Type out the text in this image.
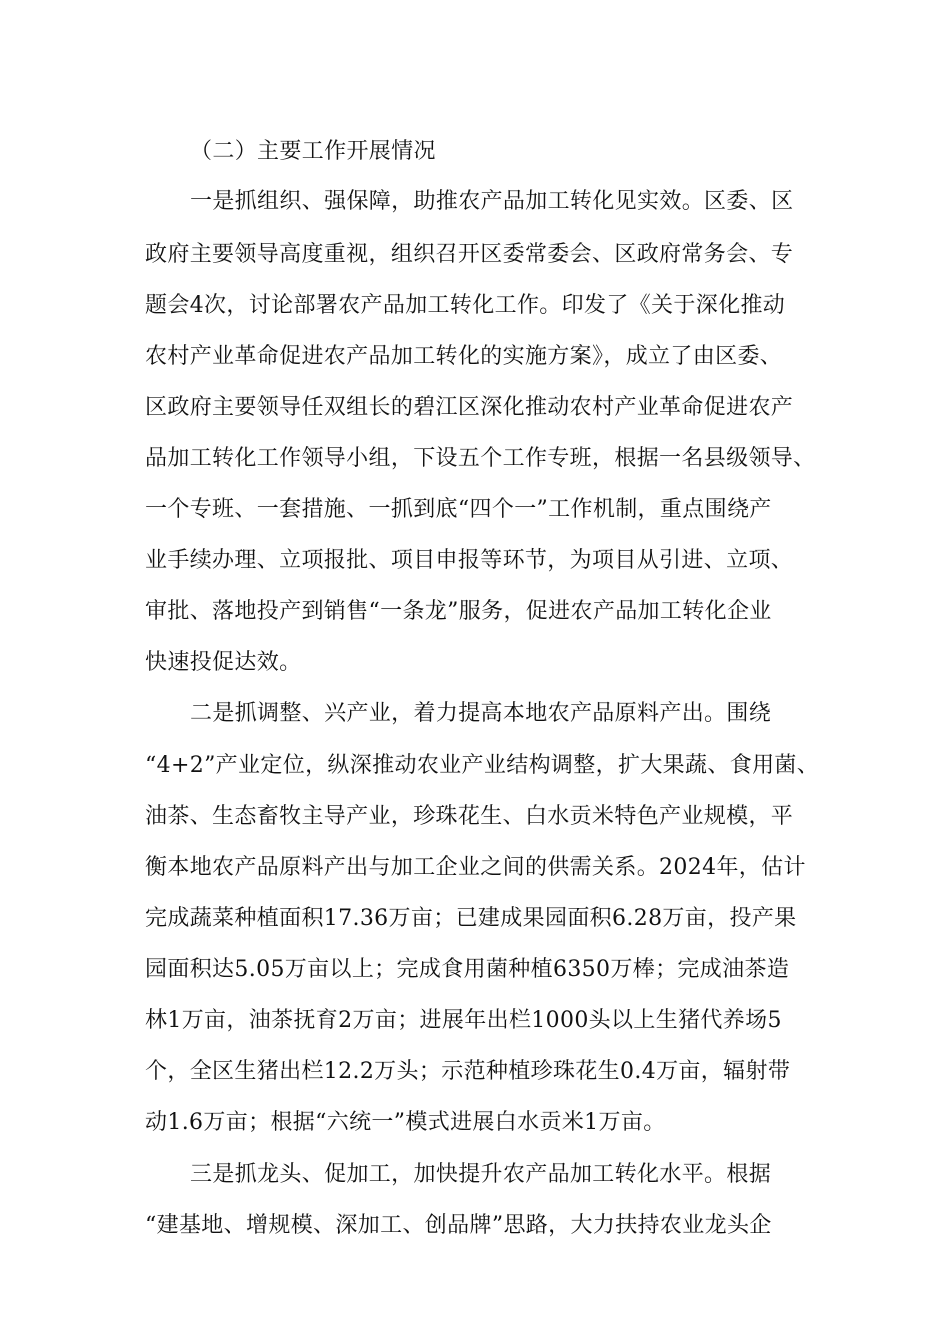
（二）主要工作开展情况
一是抓组织、强保障，助推农产品加工转化见实效。区委、区
政府主要领导高度重视，组织召开区委常委会、区政府常务会、专
题会4次，讨论部署农产品加工转化工作。印发了《关于深化推动
农村产业革命促进农产品加工转化的实施方案》，成立了由区委、
区政府主要领导任双组长的碧江区深化推动农村产业革命促进农产
品加工转化工作领导小组，下设五个工作专班，根据一名县级领导、
一个专班、一套措施、一抓到底“四个一”工作机制，重点围绕产
业手续办理、立项报批、项目申报等环节，为项目从引进、立项、
审批、落地投产到销售“一条龙”服务，促进农产品加工转化企业
快速投促达效。
二是抓调整、兴产业，着力提高本地农产品原料产出。围绕
“4+2”产业定位，纵深推动农业产业结构调整，扩大果蔬、食用菌、
油茶、生态畜牧主导产业，珍珠花生、白水贡米特色产业规模，平
衡本地农产品原料产出与加工企业之间的供需关系。2024年，估计
完成蔬菜种植面积17.36万亩；已建成果园面积6.28万亩，投产果
园面积达5.05万亩以上；完成食用菌种植6350万棒；完成油茶造
林1万亩，油茶抚育2万亩；进展年出栏1000头以上生猪代养场5
个，全区生猪出栏12.2万头；示范种植珍珠花生0.4万亩，辐射带
动1.6万亩；根据“六统一”模式进展白水贡米1万亩。
三是抓龙头、促加工，加快提升农产品加工转化水平。根据
“建基地、增规模、深加工、创品牌”思路，大力扶持农业龙头企
